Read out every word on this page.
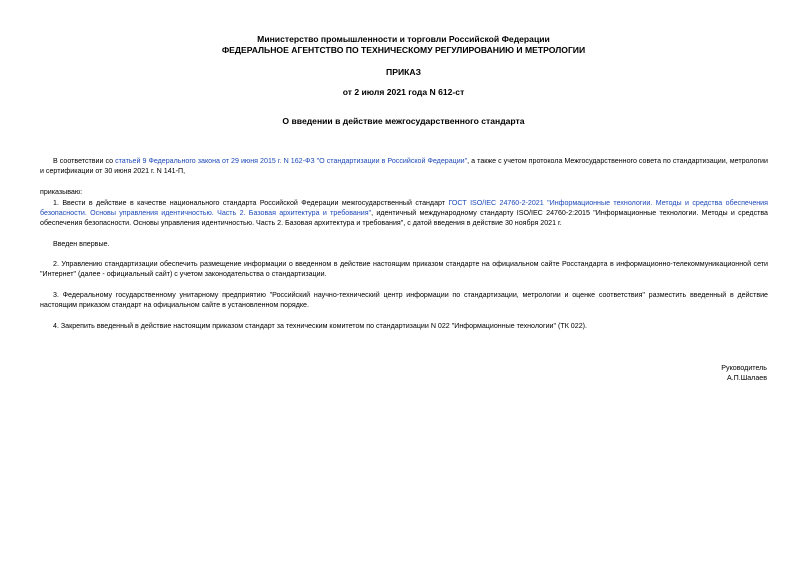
Министерство промышленности и торговли Российской Федерации
ФЕДЕРАЛЬНОЕ АГЕНТСТВО ПО ТЕХНИЧЕСКОМУ РЕГУЛИРОВАНИЮ И МЕТРОЛОГИИ
ПРИКАЗ
от 2 июля 2021 года N 612-ст
О введении в действие межгосударственного стандарта
В соответствии со статьей 9 Федерального закона от 29 июня 2015 г. N 162-ФЗ "О стандартизации в Российской Федерации", а также с учетом протокола Межгосударственного совета по стандартизации, метрологии и сертификации от 30 июня 2021 г. N 141-П,
приказываю:
1. Ввести в действие в качестве национального стандарта Российской Федерации межгосударственный стандарт ГОСТ ISO/IEC 24760-2-2021 "Информационные технологии. Методы и средства обеспечения безопасности. Основы управления идентичностью. Часть 2. Базовая архитектура и требования", идентичный международному стандарту ISO/IEC 24760-2:2015 "Информационные технологии. Методы и средства обеспечения безопасности. Основы управления идентичностью. Часть 2. Базовая архитектура и требования", с датой введения в действие 30 ноября 2021 г.
Введен впервые.
2. Управлению стандартизации обеспечить размещение информации о введенном в действие настоящим приказом стандарте на официальном сайте Росстандарта в информационно-телекоммуникационной сети "Интернет" (далее - официальный сайт) с учетом законодательства о стандартизации.
3. Федеральному государственному унитарному предприятию "Российский научно-технический центр информации по стандартизации, метрологии и оценке соответствия" разместить введенный в действие настоящим приказом стандарт на официальном сайте в установленном порядке.
4. Закрепить введенный в действие настоящим приказом стандарт за техническим комитетом по стандартизации N 022 "Информационные технологии" (ТК 022).
Руководитель
А.П.Шалаев
